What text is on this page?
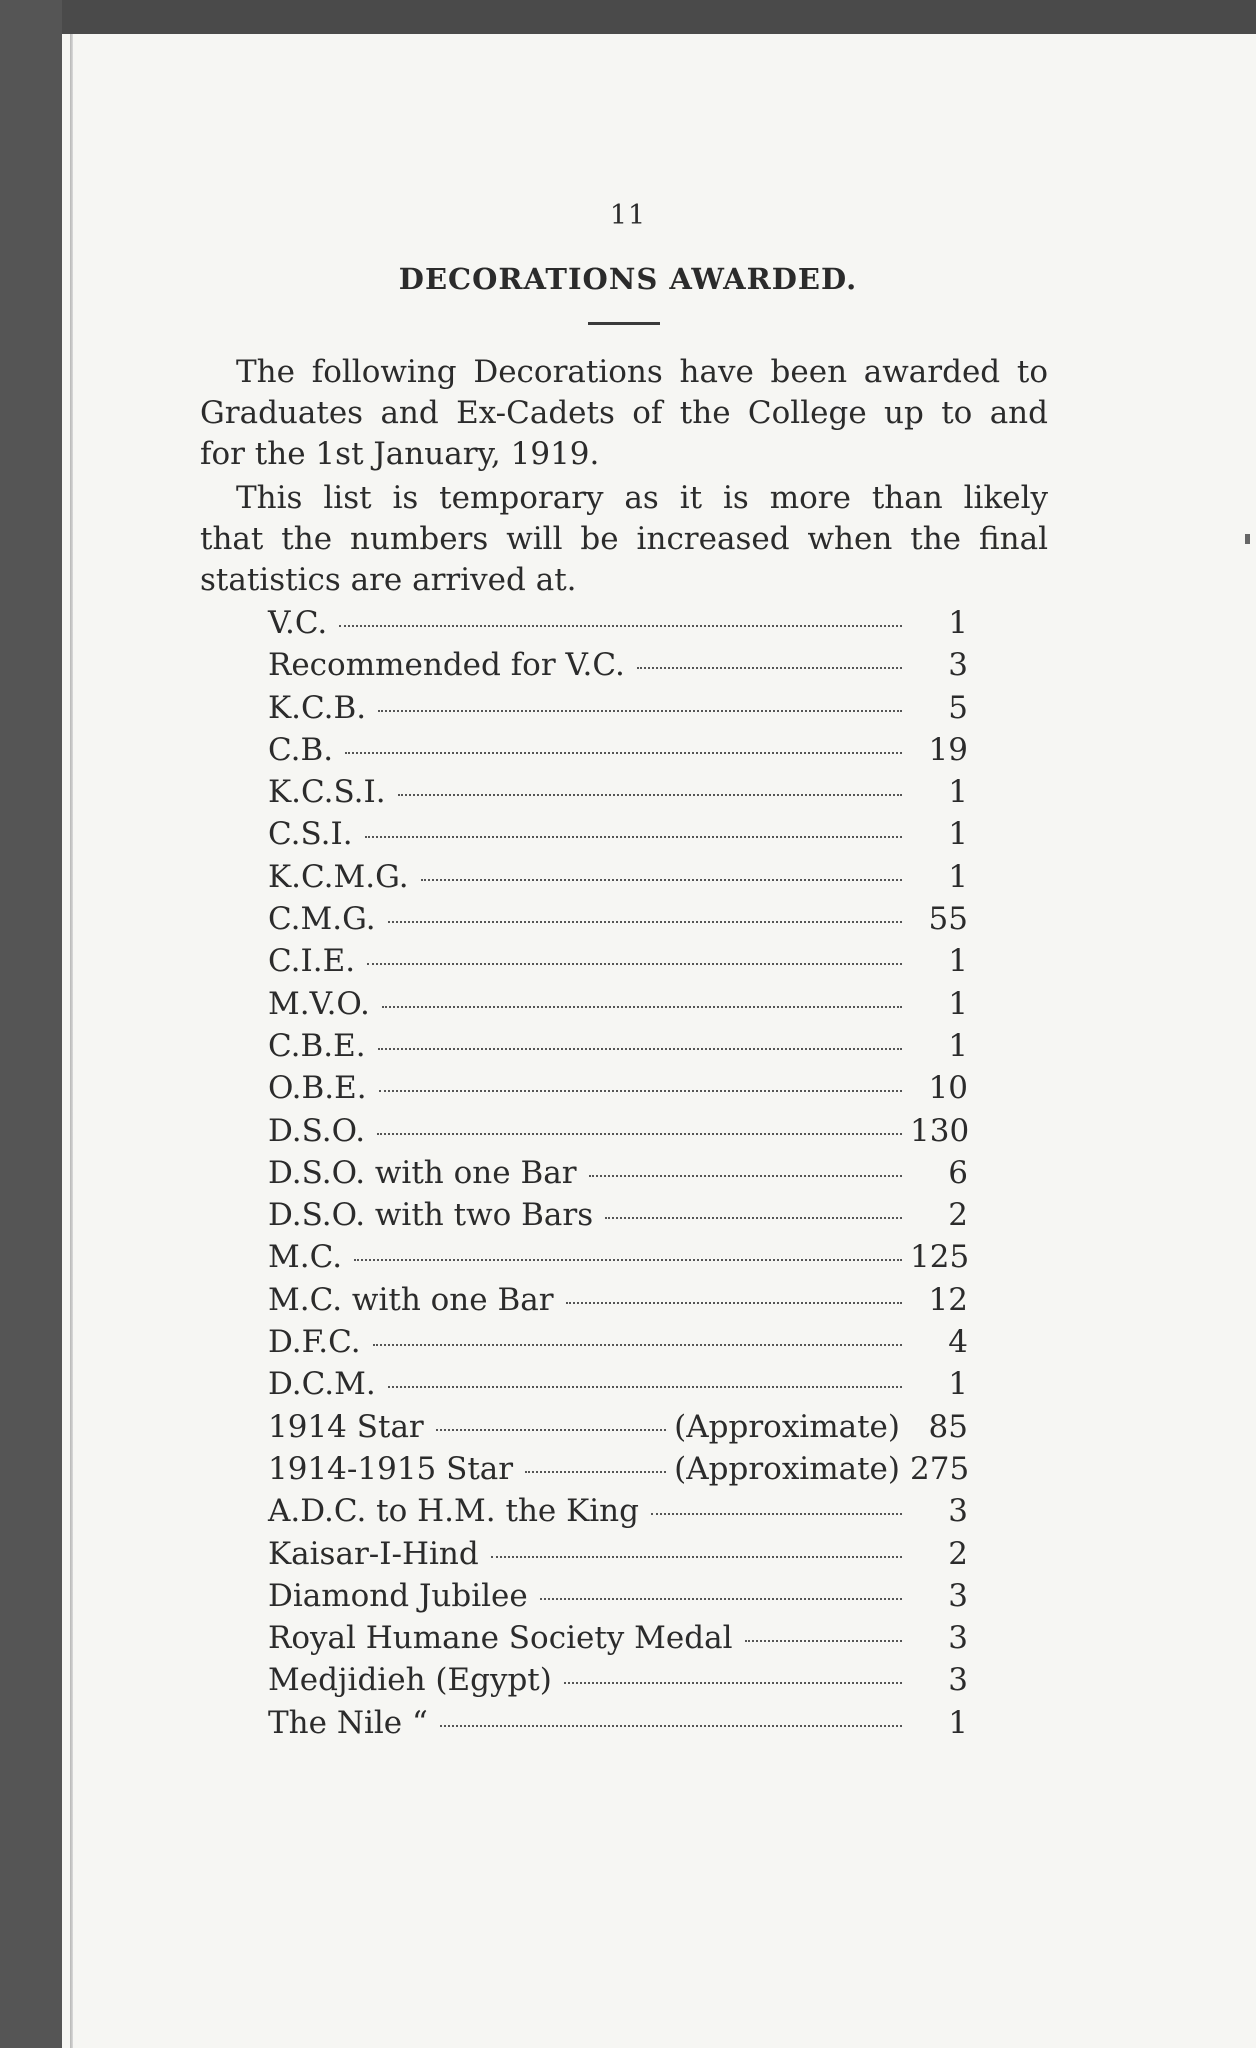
11
DECORATIONS AWARDED.
The following Decorations have been awarded to
Graduates and Ex-Cadets of the College up to and
for the 1st January, 1919.
This list is temporary as it is more than likely
that the numbers will be increased when the final
statistics are arrived at.
V.C.	1
Recommended for V.C.	3
K.C.B.	5
C.B.	19
K.C.S.I.	1
C.S.I.	1
K.C.M.G.	1
C.M.G.	55
C.I.E.	1
M.V.O.	1
C.B.E.	1
O.B.E.	10
D.S.O.	130
D.S.O. with one Bar	6
D.S.O. with two Bars	2
M.C.	125
M.C. with one Bar	12
D.F.C.	4
D.C.M.	1
1914 Star	(Approximate) 85
1914-1915 Star	(Approximate) 275
A.D.C. to H.M. the King	3
Kaisar-I-Hind	2
Diamond Jubilee	3
Royal Humane Society Medal	3
Medjidieh (Egypt)	3
The Nile “	1
